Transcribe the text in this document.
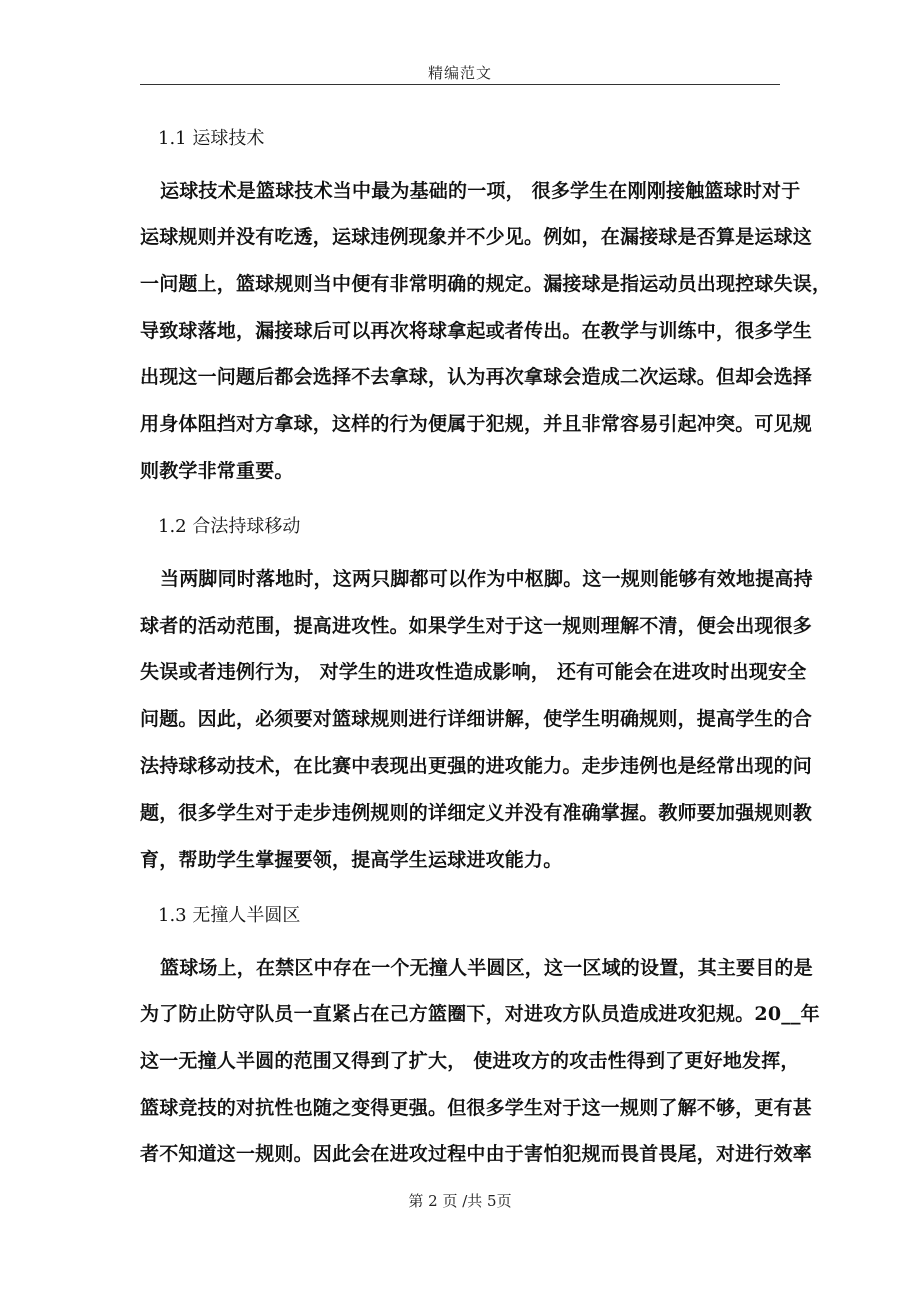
精编范文
1.1 运球技术
运球技术是篮球技术当中最为基础的一项， 很多学生在刚刚接触篮球时对于
运球规则并没有吃透，运球违例现象并不少见。例如，在漏接球是否算是运球这
一问题上，篮球规则当中便有非常明确的规定。漏接球是指运动员出现控球失误，
导致球落地，漏接球后可以再次将球拿起或者传出。在教学与训练中，很多学生
出现这一问题后都会选择不去拿球，认为再次拿球会造成二次运球。但却会选择
用身体阻挡对方拿球，这样的行为便属于犯规，并且非常容易引起冲突。可见规
则教学非常重要。
1.2 合法持球移动
当两脚同时落地时，这两只脚都可以作为中枢脚。这一规则能够有效地提高持
球者的活动范围，提高进攻性。如果学生对于这一规则理解不清，便会出现很多
失误或者违例行为， 对学生的进攻性造成影响， 还有可能会在进攻时出现安全
问题。因此，必须要对篮球规则进行详细讲解，使学生明确规则，提高学生的合
法持球移动技术，在比赛中表现出更强的进攻能力。走步违例也是经常出现的问
题，很多学生对于走步违例规则的详细定义并没有准确掌握。教师要加强规则教
育，帮助学生掌握要领，提高学生运球进攻能力。
1.3 无撞人半圆区
篮球场上，在禁区中存在一个无撞人半圆区，这一区域的设置，其主要目的是
为了防止防守队员一直紧占在己方篮圈下，对进攻方队员造成进攻犯规。20__年
这一无撞人半圆的范围又得到了扩大， 使进攻方的攻击性得到了更好地发挥，
篮球竞技的对抗性也随之变得更强。但很多学生对于这一规则了解不够，更有甚
者不知道这一规则。因此会在进攻过程中由于害怕犯规而畏首畏尾，对进行效率
第 2 页 /共 5页
